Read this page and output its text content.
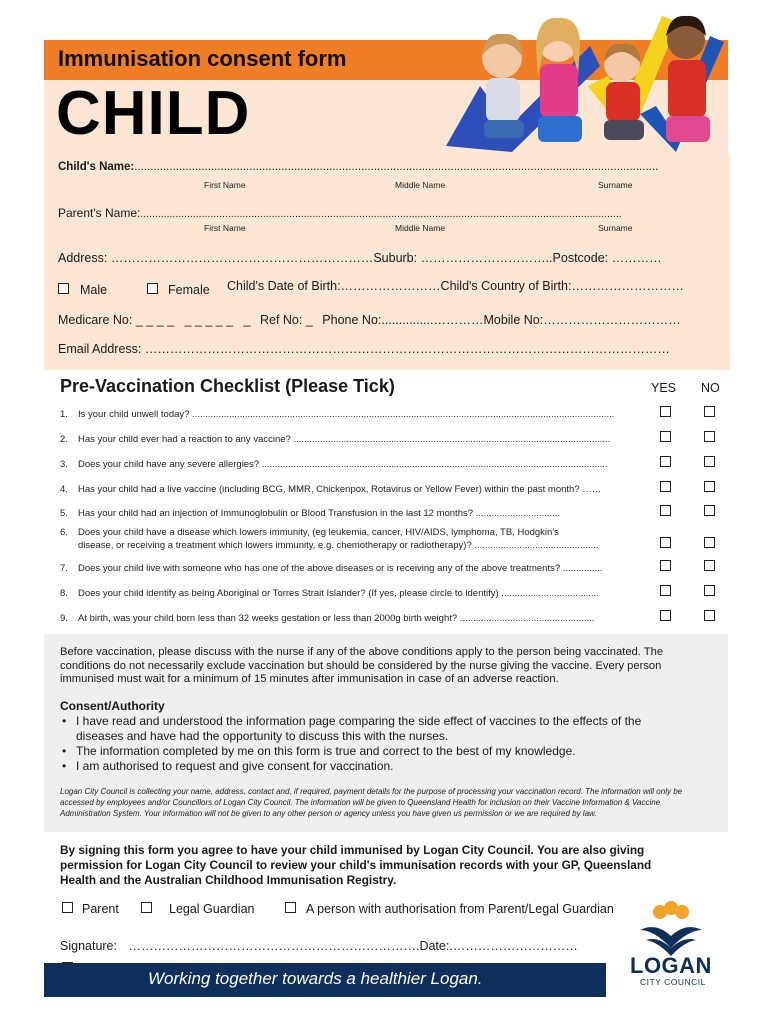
Immunisation consent form
CHILD
Child's Name:....................................................................................................................................................................
First Name	Middle Name	Surname
Parent's Name:.....................................................................................................................................................................
First Name	Middle Name	Surname
Address: ………………………………………………………Suburb: …………………………..Postcode: …………
Male	Female Child's Date of Birth:……………………Child's Country of Birth:………………………
Medicare No: _ _ _ _   _ _ _ _ _   _ Ref No: _ Phone No:...............…………Mobile No:……………………………
Email Address: ………………………………………………………………………………………………………………
Pre-Vaccination Checklist (Please Tick)	YES NO
1. Is your child unwell today? ................................................................................................................................................................
2. Has your child ever had a reaction to any vaccine? ........................................................................................................................
3. Does your child have any severe allergies? ...................................................................................................................................
4. Has your child had a live vaccine (including BCG, MMR, Chickenpox, Rotavirus or Yellow Fever) within the past month? ……
5. Has your child had an injection of Immunoglobulin or Blood Transfusion in the last 12 months? ................................
6. Does your child have a disease which lowers immunity, (eg leukemia, cancer, HIV/AIDS, lymphoma, TB, Hodgkin's
disease, or receiving a treatment which lowers immunity, e.g. chemotherapy or radiotherapy)? ...............................................
7. Does your child live with someone who has one of the above diseases or is receiving any of the above treatments? ...............
8. Does your child identify as being Aboriginal or Torres Strait Islander? (If yes, please circle to identify) .....................................
9. At birth, was your child born less than 32 weeks gestation or less than 2000g birth weight? ...................................................
Before vaccination, please discuss with the nurse if any of the above conditions apply to the person being vaccinated. The
conditions do not necessarily exclude vaccination but should be considered by the nurse giving the vaccine. Every person
immunised must wait for a minimum of 15 minutes after immunisation in case of an adverse reaction.
Consent/Authority
• I have read and understood the information page comparing the side effect of vaccines to the effects of the
diseases and have had the opportunity to discuss this with the nurses.
• The information completed by me on this form is true and correct to the best of my knowledge.
• I am authorised to request and give consent for vaccination.
Logan City Council is collecting your name, address, contact and, if required, payment details for the purpose of processing your vaccination record. The information will only be
accessed by employees and/or Councillors of Logan City Council. The information will be given to Queensland Health for inclusion on their Vaccine Information & Vaccine
Administration System. Your information will not be given to any other person or agency unless you have given us permission or we are required by law.
By signing this form you agree to have your child immunised by Logan City Council. You are also giving
permission for Logan City Council to review your child's immunisation records with your GP, Queensland
Health and the Australian Childhood Immunisation Registry.
Parent	Legal Guardian	A person with authorisation from Parent/Legal Guardian
Signature: …………………………………………………………….Date:.…………………………
Working together towards a healthier Logan.
LOGAN
CITY COUNCIL
